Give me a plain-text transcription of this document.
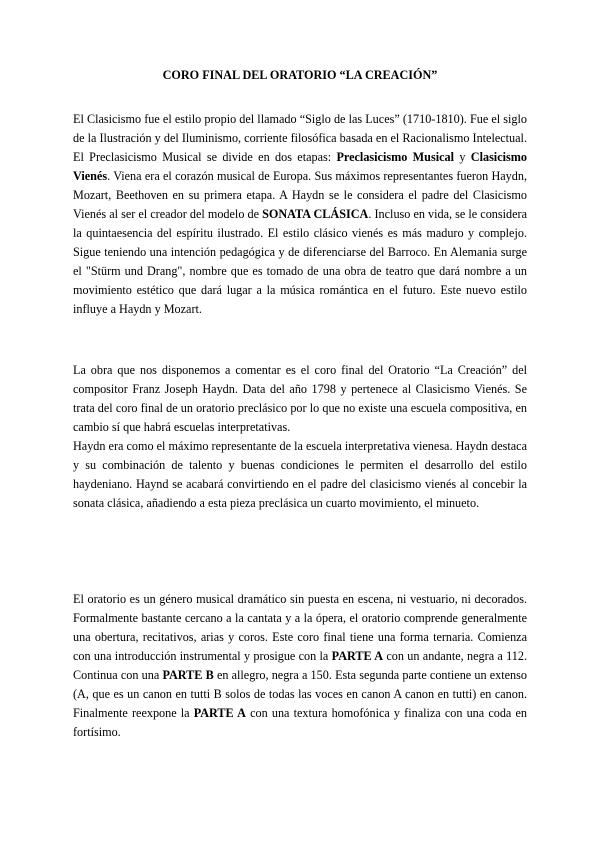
CORO FINAL DEL ORATORIO “LA CREACIÓN”

El Clasicismo fue el estilo propio del llamado “Siglo de las Luces” (1710-1810). Fue el siglo de la Ilustración y del Iluminismo, corriente filosófica basada en el Racionalismo Intelectual. El Preclasicismo Musical se divide en dos etapas: Preclasicismo Musical y Clasicismo Vienés. Viena era el corazón musical de Europa. Sus máximos representantes fueron Haydn, Mozart, Beethoven en su primera etapa. A Haydn se le considera el padre del Clasicismo Vienés al ser el creador del modelo de SONATA CLÁSICA. Incluso en vida, se le considera la quintaesencia del espíritu ilustrado. El estilo clásico vienés es más maduro y complejo. Sigue teniendo una intención pedagógica y de diferenciarse del Barroco. En Alemania surge el "Stürm und Drang", nombre que es tomado de una obra de teatro que dará nombre a un movimiento estético que dará lugar a la música romántica en el futuro. Este nuevo estilo influye a Haydn y Mozart.

La obra que nos disponemos a comentar es el coro final del Oratorio “La Creación” del compositor Franz Joseph Haydn. Data del año 1798 y pertenece al Clasicismo Vienés. Se trata del coro final de un oratorio preclásico por lo que no existe una escuela compositiva, en cambio sí que habrá escuelas interpretativas.

Haydn era como el máximo representante de la escuela interpretativa vienesa. Haydn destaca y su combinación de talento y buenas condiciones le permiten el desarrollo del estilo haydeniano. Haynd se acabará convirtiendo en el padre del clasicismo vienés al concebir la sonata clásica, añadiendo a esta pieza preclásica un cuarto movimiento, el minueto.

El oratorio es un género musical dramático sin puesta en escena, ni vestuario, ni decorados. Formalmente bastante cercano a la cantata y a la ópera, el oratorio comprende generalmente una obertura, recitativos, arias y coros. Este coro final tiene una forma ternaria. Comienza con una introducción instrumental y prosigue con la PARTE A con un andante, negra a 112. Continua con una PARTE B en allegro, negra a 150. Esta segunda parte contiene un extenso (A, que es un canon en tutti B solos de todas las voces en canon A canon en tutti) en canon. Finalmente reexpone la PARTE A con una textura homofónica y finaliza con una coda en fortísimo.
